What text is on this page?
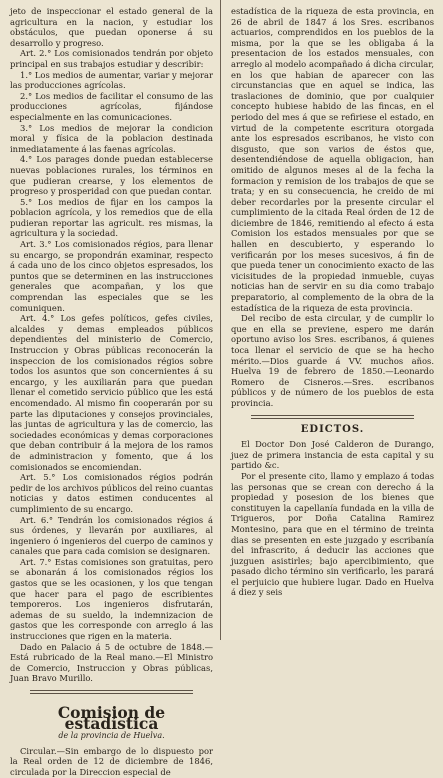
jeto de inspeccionar el estado general de la agricultura en la nacion, y estudiar los obstáculos, que puedan oponerse á su desarrollo y progreso.

Art. 2.° Los comisionados tendrán por objeto principal en sus trabajos estudiar y describir:

1.° Los medios de aumentar, variar y mejorar las producciones agrícolas.

2.° Los medios de facilitar el consumo de las producciones agrícolas, fijándose especialmente en las comunicaciones.

3.° Los medios de mejorar la condicion moral y física de la poblacion destinada inmediatamente á las faenas agrícolas.

4.° Los parages donde puedan establecerse nuevas poblaciones rurales, los términos en que pudieran crearse, y los elementos de progreso y prosperidad con que puedan contar.

5.° Los medios de fijar en los campos la poblacion agrícola, y los remedios que de ella pudieran reportar las agricult. res mismas, la agricultura y la sociedad.

Art. 3.° Los comisionados régios, para llenar su encargo, se propondrán examinar, respecto á cada uno de los cinco objetos espresados, los puntos que se determinen en las instrucciones generales que acompañan, y los que comprendan las especiales que se les comuniquen.

Art. 4.° Los gefes políticos, gefes civiles, alcaldes y demas empleados públicos dependientes del ministerio de Comercio, Instruccion y Obras públicas reconocerán la inspeccion de los comisionados régios sobre todos los asuntos que son concernientes á su encargo, y les auxiliarán para que puedan llenar el cometido servicio público que les está encomendado. Al mismo fin cooperarán por su parte las diputaciones y consejos provinciales, las juntas de agricultura y las de comercio, las sociedades económicas y demas corporaciones que deban contribuir á la mejora de los ramos de administracion y fomento, que á los comisionados se encomiendan.

Art. 5.° Los comisionados régios podrán pedir de los archivos públicos del reino cuantas noticias y datos estimen conducentes al cumplimiento de su encargo.

Art. 6.° Tendrán los comisionados régios á sus órdenes, y llevarán por auxiliares, al ingeniero ó ingenieros del cuerpo de caminos y canales que para cada comision se designaren.

Art. 7.° Estas comisiones son gratuitas, pero se abonarán á los comisionados régios los gastos que se les ocasionen, y los que tengan que hacer para el pago de escribientes temporeros. Los ingenieros disfrutarán, ademas de su sueldo, la indemnizacion de gastos que les corresponde con arreglo á las instrucciones que rigen en la materia.

Dado en Palacio á 5 de octubre de 1848.—Está rubricado de la Real mano.—El Ministro de Comercio, Instruccion y Obras públicas, Juan Bravo Murillo.

Comision de estadística
de la provincia de Huelva.

Circular.—Sin embargo de lo dispuesto por la Real orden de 12 de diciembre de 1846, circulada por la Direccion especial de

estadística de la riqueza de esta provincia, en 26 de abril de 1847 á los Sres. escribanos actuarios, comprendidos en los pueblos de la misma, por la que se les obligaba á la presentacion de los estados mensuales, con arreglo al modelo acompañado á dicha circular, en los que habian de aparecer con las circunstancias que en aquel se indica, las traslaciones de dominio, que por cualquier concepto hubiese habido de las fincas, en el periodo del mes á que se refiriese el estado, en virtud de la competente escritura otorgada ante los espresados escribanos, he visto con disgusto, que son varios de éstos que, desentendiéndose de aquella obligacion, han omitido de algunos meses al de la fecha la formacion y remision de los trabajos de que se trata; y en su consecuencia, he creido de mi deber recordarles por la presente circular el cumplimiento de la citada Real órden de 12 de diciembre de 1846, remitiendo al efecto á esta Comision los estados mensuales por que se hallen en descubierto, y esperando lo verificarán por los meses sucesivos, á fin de que pueda tener un conocimiento exacto de las vicisitudes de la propiedad inmueble, cuyas noticias han de servir en su dia como trabajo preparatorio, al complemento de la obra de la estadística de la riqueza de esta provincia.

Del recibo de esta circular, y de cumplir lo que en ella se previene, espero me darán oportuno aviso los Sres. escribanos, á quienes toca llenar el servicio de que se ha hecho mérito.—Dios guarde á VV. muchos años. Huelva 19 de febrero de 1850.—Leonardo Romero de Cisneros.—Sres. escribanos públicos y de número de los pueblos de esta provincia.

EDICTOS.

El Doctor Don José Calderon de Durango, juez de primera instancia de esta capital y su partido &c.

Por el presente cito, llamo y emplazo á todas las personas que se crean con derecho á la propiedad y posesion de los bienes que constituyen la capellanía fundada en la villa de Trigueros, por Doña Catalina Ramirez Montesino, para que en el término de treinta dias se presenten en este juzgado y escribanía del infrascrito, á deducir las acciones que juzguen asistirles; bajo apercibimiento, que pasado dicho término sin verificarlo, les parará el perjuicio que hubiere lugar. Dado en Huelva á diez y seis
